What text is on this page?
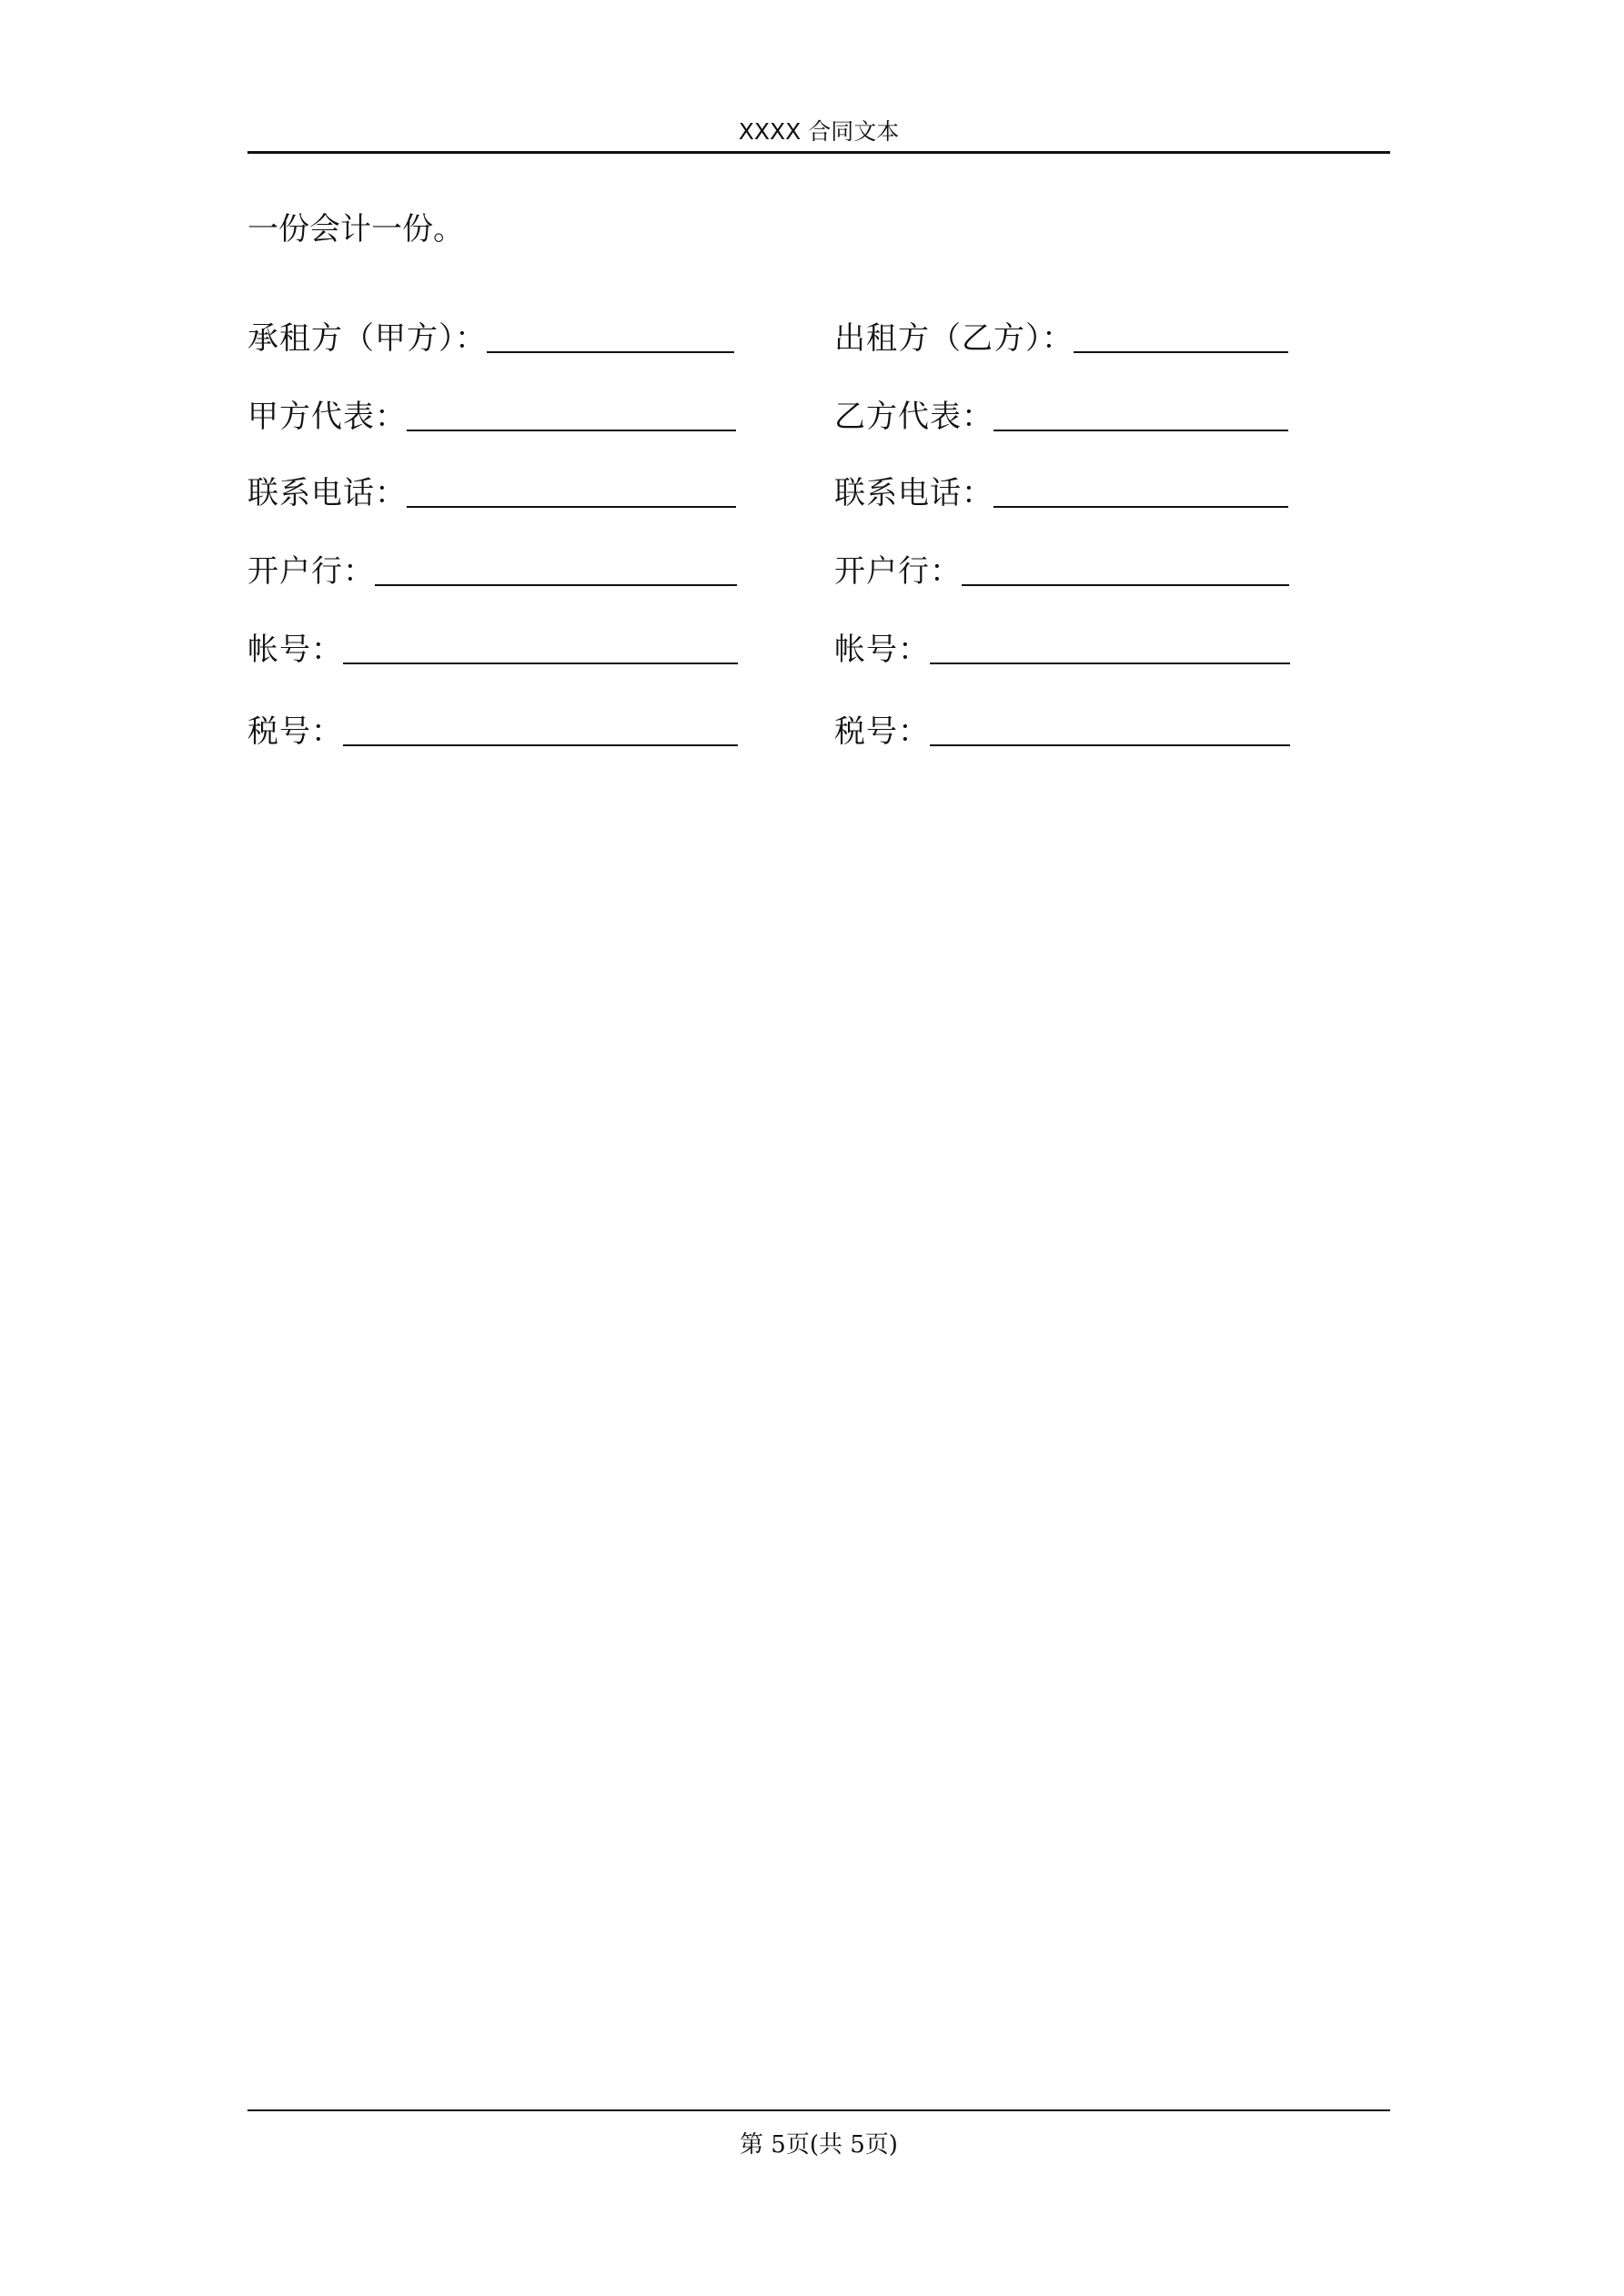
XXXX 合同文本
一份会计一份。
承租方（甲方）：	出租方（乙方）：
甲方代表：	乙方代表：
联系电话：	联系电话：
开户行：	开户行：
帐号：	帐号：
税号：	税号：
第 5页(共 5页)
